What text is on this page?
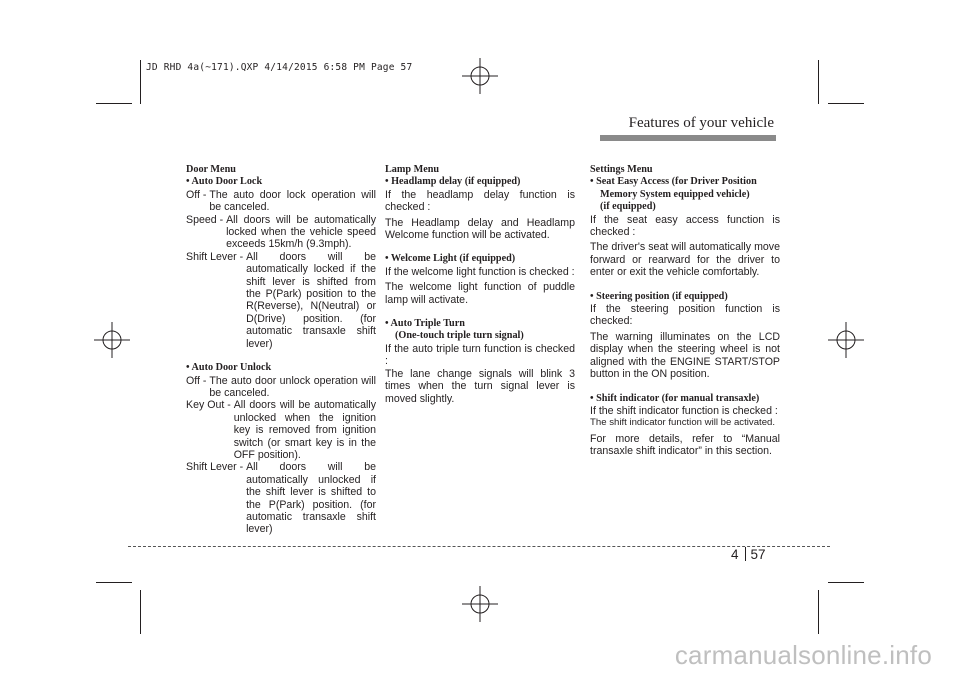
JD RHD 4a(~171).QXP 4/14/2015 6:58 PM Page 57
Features of your vehicle
Door Menu
• Auto Door Lock
Off - The auto door lock operation will be canceled.
Speed - All doors will be automatically locked when the vehicle speed exceeds 15km/h (9.3mph).
Shift Lever - All doors will be automatically locked if the shift lever is shifted from the P(Park) position to the R(Reverse), N(Neutral) or D(Drive) position. (for automatic transaxle shift lever)
• Auto Door Unlock
Off - The auto door unlock operation will be canceled.
Key Out - All doors will be automatically unlocked when the ignition key is removed from ignition switch (or smart key is in the OFF position).
Shift Lever - All doors will be automatically unlocked if the shift lever is shifted to the P(Park) position. (for automatic transaxle shift lever)
Lamp Menu
• Headlamp delay (if equipped)

If the headlamp delay function is checked :

The Headlamp delay and Headlamp Welcome function will be activated.

• Welcome Light (if equipped)

If the welcome light function is checked :

The welcome light function of puddle lamp will activate.

• Auto Triple Turn
(One-touch triple turn signal)

If the auto triple turn function is checked :

The lane change signals will blink 3 times when the turn signal lever is moved slightly.

Settings Menu
• Seat Easy Access (for Driver Position
Memory System equipped vehicle)
(if equipped)

If the seat easy access function is checked :

The driver's seat will automatically move forward or rearward for the driver to enter or exit the vehicle comfortably.

• Steering position (if equipped)

If the steering position function is checked:

The warning illuminates on the LCD display when the steering wheel is not aligned with the ENGINE START/STOP button in the ON position.

• Shift indicator (for manual transaxle)

If the shift indicator function is checked :

The shift indicator function will be activated.

For more details, refer to “Manual transaxle shift indicator” in this section.

4 57
carmanualsonline.info
